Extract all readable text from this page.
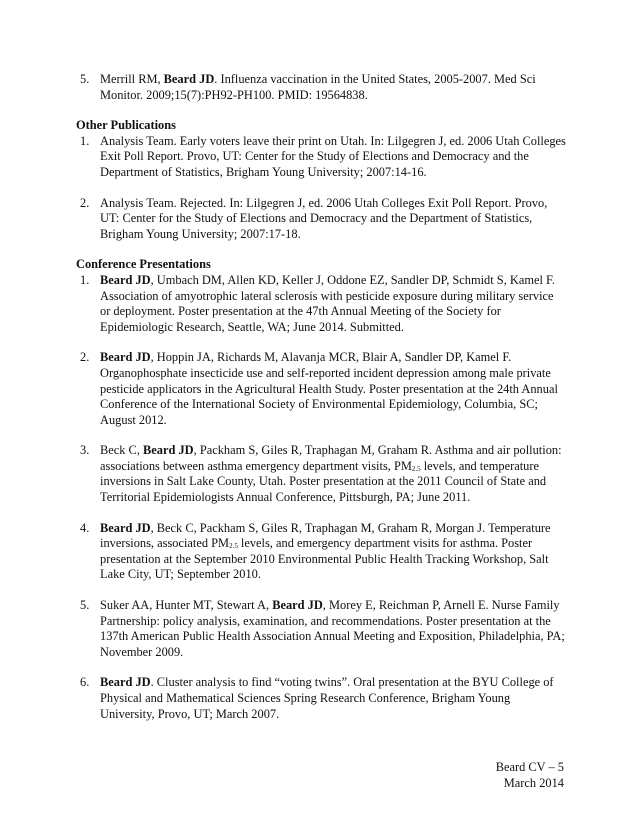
5. Merrill RM, Beard JD. Influenza vaccination in the United States, 2005-2007. Med Sci Monitor. 2009;15(7):PH92-PH100. PMID: 19564838.

Other Publications

1. Analysis Team. Early voters leave their print on Utah. In: Lilgegren J, ed. 2006 Utah Colleges Exit Poll Report. Provo, UT: Center for the Study of Elections and Democracy and the Department of Statistics, Brigham Young University; 2007:14-16.

2. Analysis Team. Rejected. In: Lilgegren J, ed. 2006 Utah Colleges Exit Poll Report. Provo, UT: Center for the Study of Elections and Democracy and the Department of Statistics, Brigham Young University; 2007:17-18.

Conference Presentations

1. Beard JD, Umbach DM, Allen KD, Keller J, Oddone EZ, Sandler DP, Schmidt S, Kamel F. Association of amyotrophic lateral sclerosis with pesticide exposure during military service or deployment. Poster presentation at the 47th Annual Meeting of the Society for Epidemiologic Research, Seattle, WA; June 2014. Submitted.

2. Beard JD, Hoppin JA, Richards M, Alavanja MCR, Blair A, Sandler DP, Kamel F. Organophosphate insecticide use and self-reported incident depression among male private pesticide applicators in the Agricultural Health Study. Poster presentation at the 24th Annual Conference of the International Society of Environmental Epidemiology, Columbia, SC; August 2012.

3. Beck C, Beard JD, Packham S, Giles R, Traphagan M, Graham R. Asthma and air pollution: associations between asthma emergency department visits, $PM_{2.5}$ levels, and temperature inversions in Salt Lake County, Utah. Poster presentation at the 2011 Council of State and Territorial Epidemiologists Annual Conference, Pittsburgh, PA; June 2011.

4. Beard JD, Beck C, Packham S, Giles R, Traphagan M, Graham R, Morgan J. Temperature inversions, associated $PM_{2.5}$ levels, and emergency department visits for asthma. Poster presentation at the September 2010 Environmental Public Health Tracking Workshop, Salt Lake City, UT; September 2010.

5. Suker AA, Hunter MT, Stewart A, Beard JD, Morey E, Reichman P, Arnell E. Nurse Family Partnership: policy analysis, examination, and recommendations. Poster presentation at the 137th American Public Health Association Annual Meeting and Exposition, Philadelphia, PA; November 2009.

6. Beard JD. Cluster analysis to find “voting twins”. Oral presentation at the BYU College of Physical and Mathematical Sciences Spring Research Conference, Brigham Young University, Provo, UT; March 2007.

Beard CV – 5
March 2014
